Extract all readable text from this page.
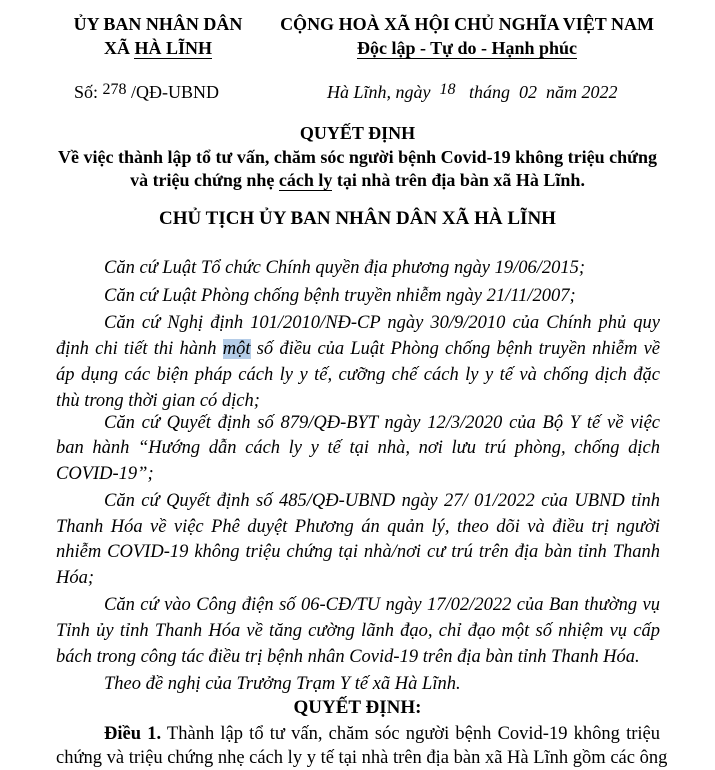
ỦY BAN NHÂN DÂN
XÃ HÀ LĨNH
CỘNG HOÀ XÃ HỘI CHỦ NGHĨA VIỆT NAM
Độc lập - Tự do - Hạnh phúc
Số: 278 /QĐ-UBND	Hà Lĩnh, ngày 18 tháng  02  năm 2022
QUYẾT ĐỊNH
Về việc thành lập tổ tư vấn, chăm sóc người bệnh Covid-19 không triệu chứng
và triệu chứng nhẹ cách ly tại nhà trên địa bàn xã Hà Lĩnh.
CHỦ TỊCH ỦY BAN NHÂN DÂN XÃ HÀ LĨNH
Căn cứ Luật Tổ chức Chính quyền địa phương ngày 19/06/2015;
Căn cứ Luật Phòng chống bệnh truyền nhiễm ngày 21/11/2007;
Căn cứ Nghị định 101/2010/NĐ-CP ngày 30/9/2010 của Chính phủ quy
định chi tiết thi hành một số điều của Luật Phòng chống bệnh truyền nhiễm về
áp dụng các biện pháp cách ly y tế, cưỡng chế cách ly y tế và chống dịch đặc
thù trong thời gian có dịch;
Căn cứ Quyết định số 879/QĐ-BYT ngày 12/3/2020 của Bộ Y tế về việc
ban hành “Hướng dẫn cách ly y tế tại nhà, nơi lưu trú phòng, chống dịch
COVID-19”;
Căn cứ Quyết định số 485/QĐ-UBND ngày 27/ 01/2022 của UBND tỉnh
Thanh Hóa về việc Phê duyệt Phương án quản lý, theo dõi và điều trị người
nhiễm COVID-19 không triệu chứng tại nhà/nơi cư trú trên địa bàn tỉnh Thanh
Hóa;
Căn cứ vào Công điện số 06-CĐ/TU ngày 17/02/2022 của Ban thường vụ
Tỉnh ủy tỉnh Thanh Hóa về tăng cường lãnh đạo, chỉ đạo một số nhiệm vụ cấp
bách trong công tác điều trị bệnh nhân Covid-19 trên địa bàn tỉnh Thanh Hóa.
Theo đề nghị của Trưởng Trạm Y tế xã Hà Lĩnh.
QUYẾT ĐỊNH:
Điều 1. Thành lập tổ tư vấn, chăm sóc người bệnh Covid-19 không triệu
chứng và triệu chứng nhẹ cách ly y tế tại nhà trên địa bàn xã Hà Lĩnh gồm các ông
